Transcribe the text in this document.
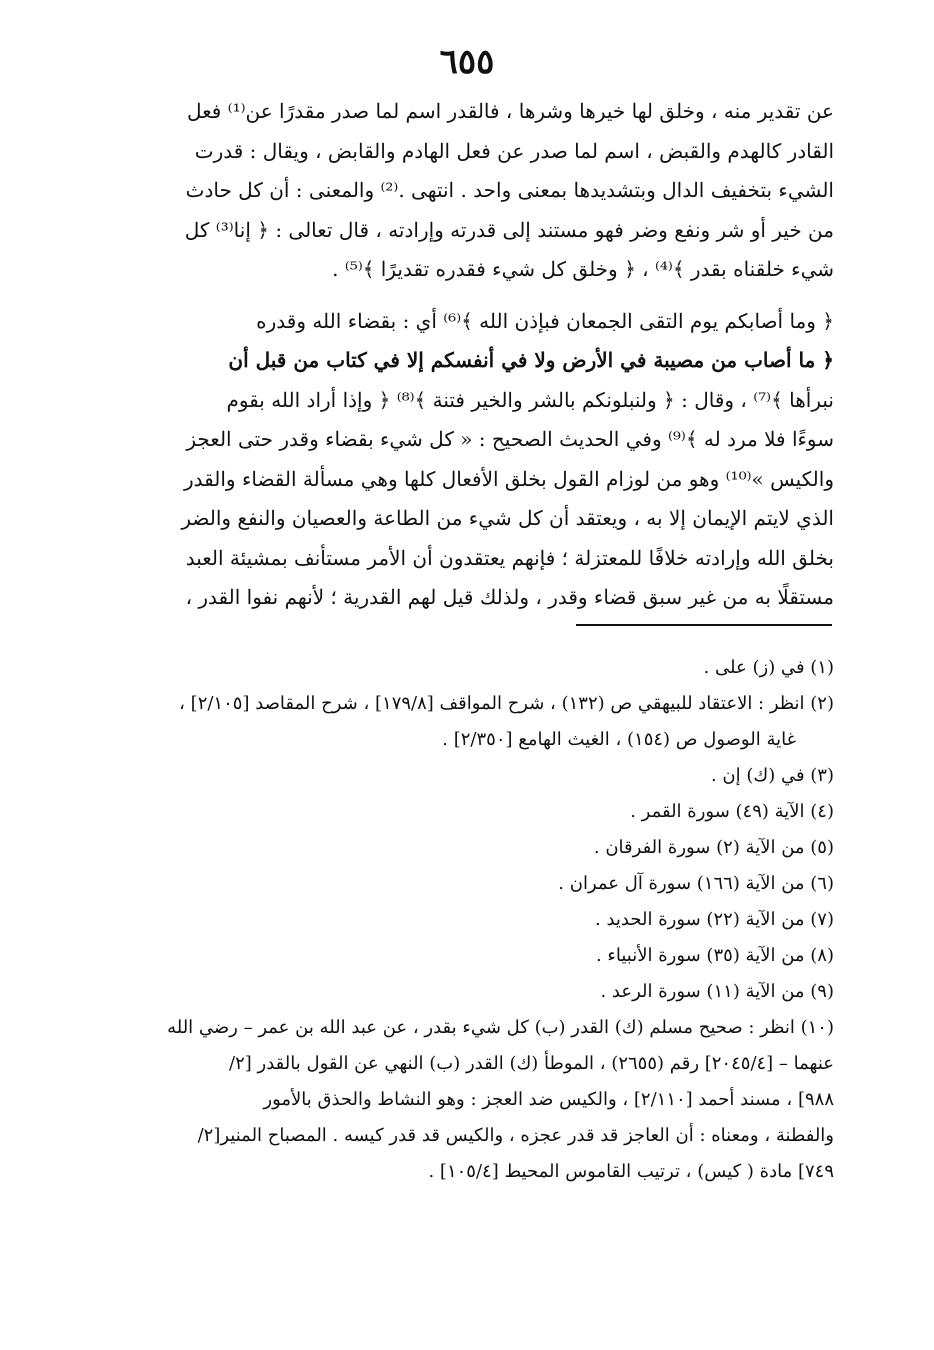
٦٥٥
عن تقدير منه ، وخلق لها خيرها وشرها ، فالقدر اسم لما صدر مقدرًا عن⁽¹⁾ فعل
القادر كالهدم والقبض ، اسم لما صدر عن فعل الهادم والقابض ، ويقال : قدرت
الشيء بتخفيف الدال وبتشديدها بمعنى واحد . انتهى .⁽²⁾ والمعنى : أن كل حادث
من خير أو شر ونفع وضر فهو مستند إلى قدرته وإرادته ، قال تعالى : ﴿ إنا⁽³⁾ كل
شيء خلقناه بقدر ﴾⁽⁴⁾ ، ﴿ وخلق كل شيء فقدره تقديرًا ﴾⁽⁵⁾ .
﴿ وما أصابكم يوم التقى الجمعان فبإذن الله ﴾⁽⁶⁾ أي : بقضاء الله وقدره
﴿ ما أصاب من مصيبة في الأرض ولا في أنفسكم إلا في كتاب من قبل أن
نبرأها ﴾⁽⁷⁾ ، وقال : ﴿ ولنبلونكم بالشر والخير فتنة ﴾⁽⁸⁾ ﴿ وإذا أراد الله بقوم
سوءًا فلا مرد له ﴾⁽⁹⁾ وفي الحديث الصحيح : « كل شيء بقضاء وقدر حتى العجز
والكيس »⁽¹⁰⁾ وهو من لوزام القول بخلق الأفعال كلها وهي مسألة القضاء والقدر
الذي لايتم الإيمان إلا به ، ويعتقد أن كل شيء من الطاعة والعصيان والنفع والضر
بخلق الله وإرادته خلافًا للمعتزلة ؛ فإنهم يعتقدون أن الأمر مستأنف بمشيئة العبد
مستقلًا به من غير سبق قضاء وقدر ، ولذلك قيل لهم القدرية ؛ لأنهم نفوا القدر ،
(١) في (ز) على .
(٢) انظر : الاعتقاد للبيهقي ص (١٣٢) ، شرح المواقف [١٧٩/٨] ، شرح المقاصد [٢/١٠٥] ،
غاية الوصول ص (١٥٤) ، الغيث الهامع [٢/٣٥٠] .
(٣) في (ك) إن .
(٤) الآية (٤٩) سورة القمر .
(٥) من الآية (٢) سورة الفرقان .
(٦) من الآية (١٦٦) سورة آل عمران .
(٧) من الآية (٢٢) سورة الحديد .
(٨) من الآية (٣٥) سورة الأنبياء .
(٩) من الآية (١١) سورة الرعد .
(١٠) انظر : صحيح مسلم (ك) القدر (ب) كل شيء بقدر ، عن عبد الله بن عمر – رضي الله
عنهما – [٢٠٤٥/٤] رقم (٢٦٥٥) ، الموطأ (ك) القدر (ب) النهي عن القول بالقدر [٢/
٩٨٨] ، مسند أحمد [٢/١١٠] ، والكيس ضد العجز : وهو النشاط والحذق بالأمور
والفطنة ، ومعناه : أن العاجز قد قدر عجزه ، والكيس قد قدر كيسه . المصباح المنير[٢/
٧٤٩] مادة ( كيس) ، ترتيب القاموس المحيط [١٠٥/٤] .
